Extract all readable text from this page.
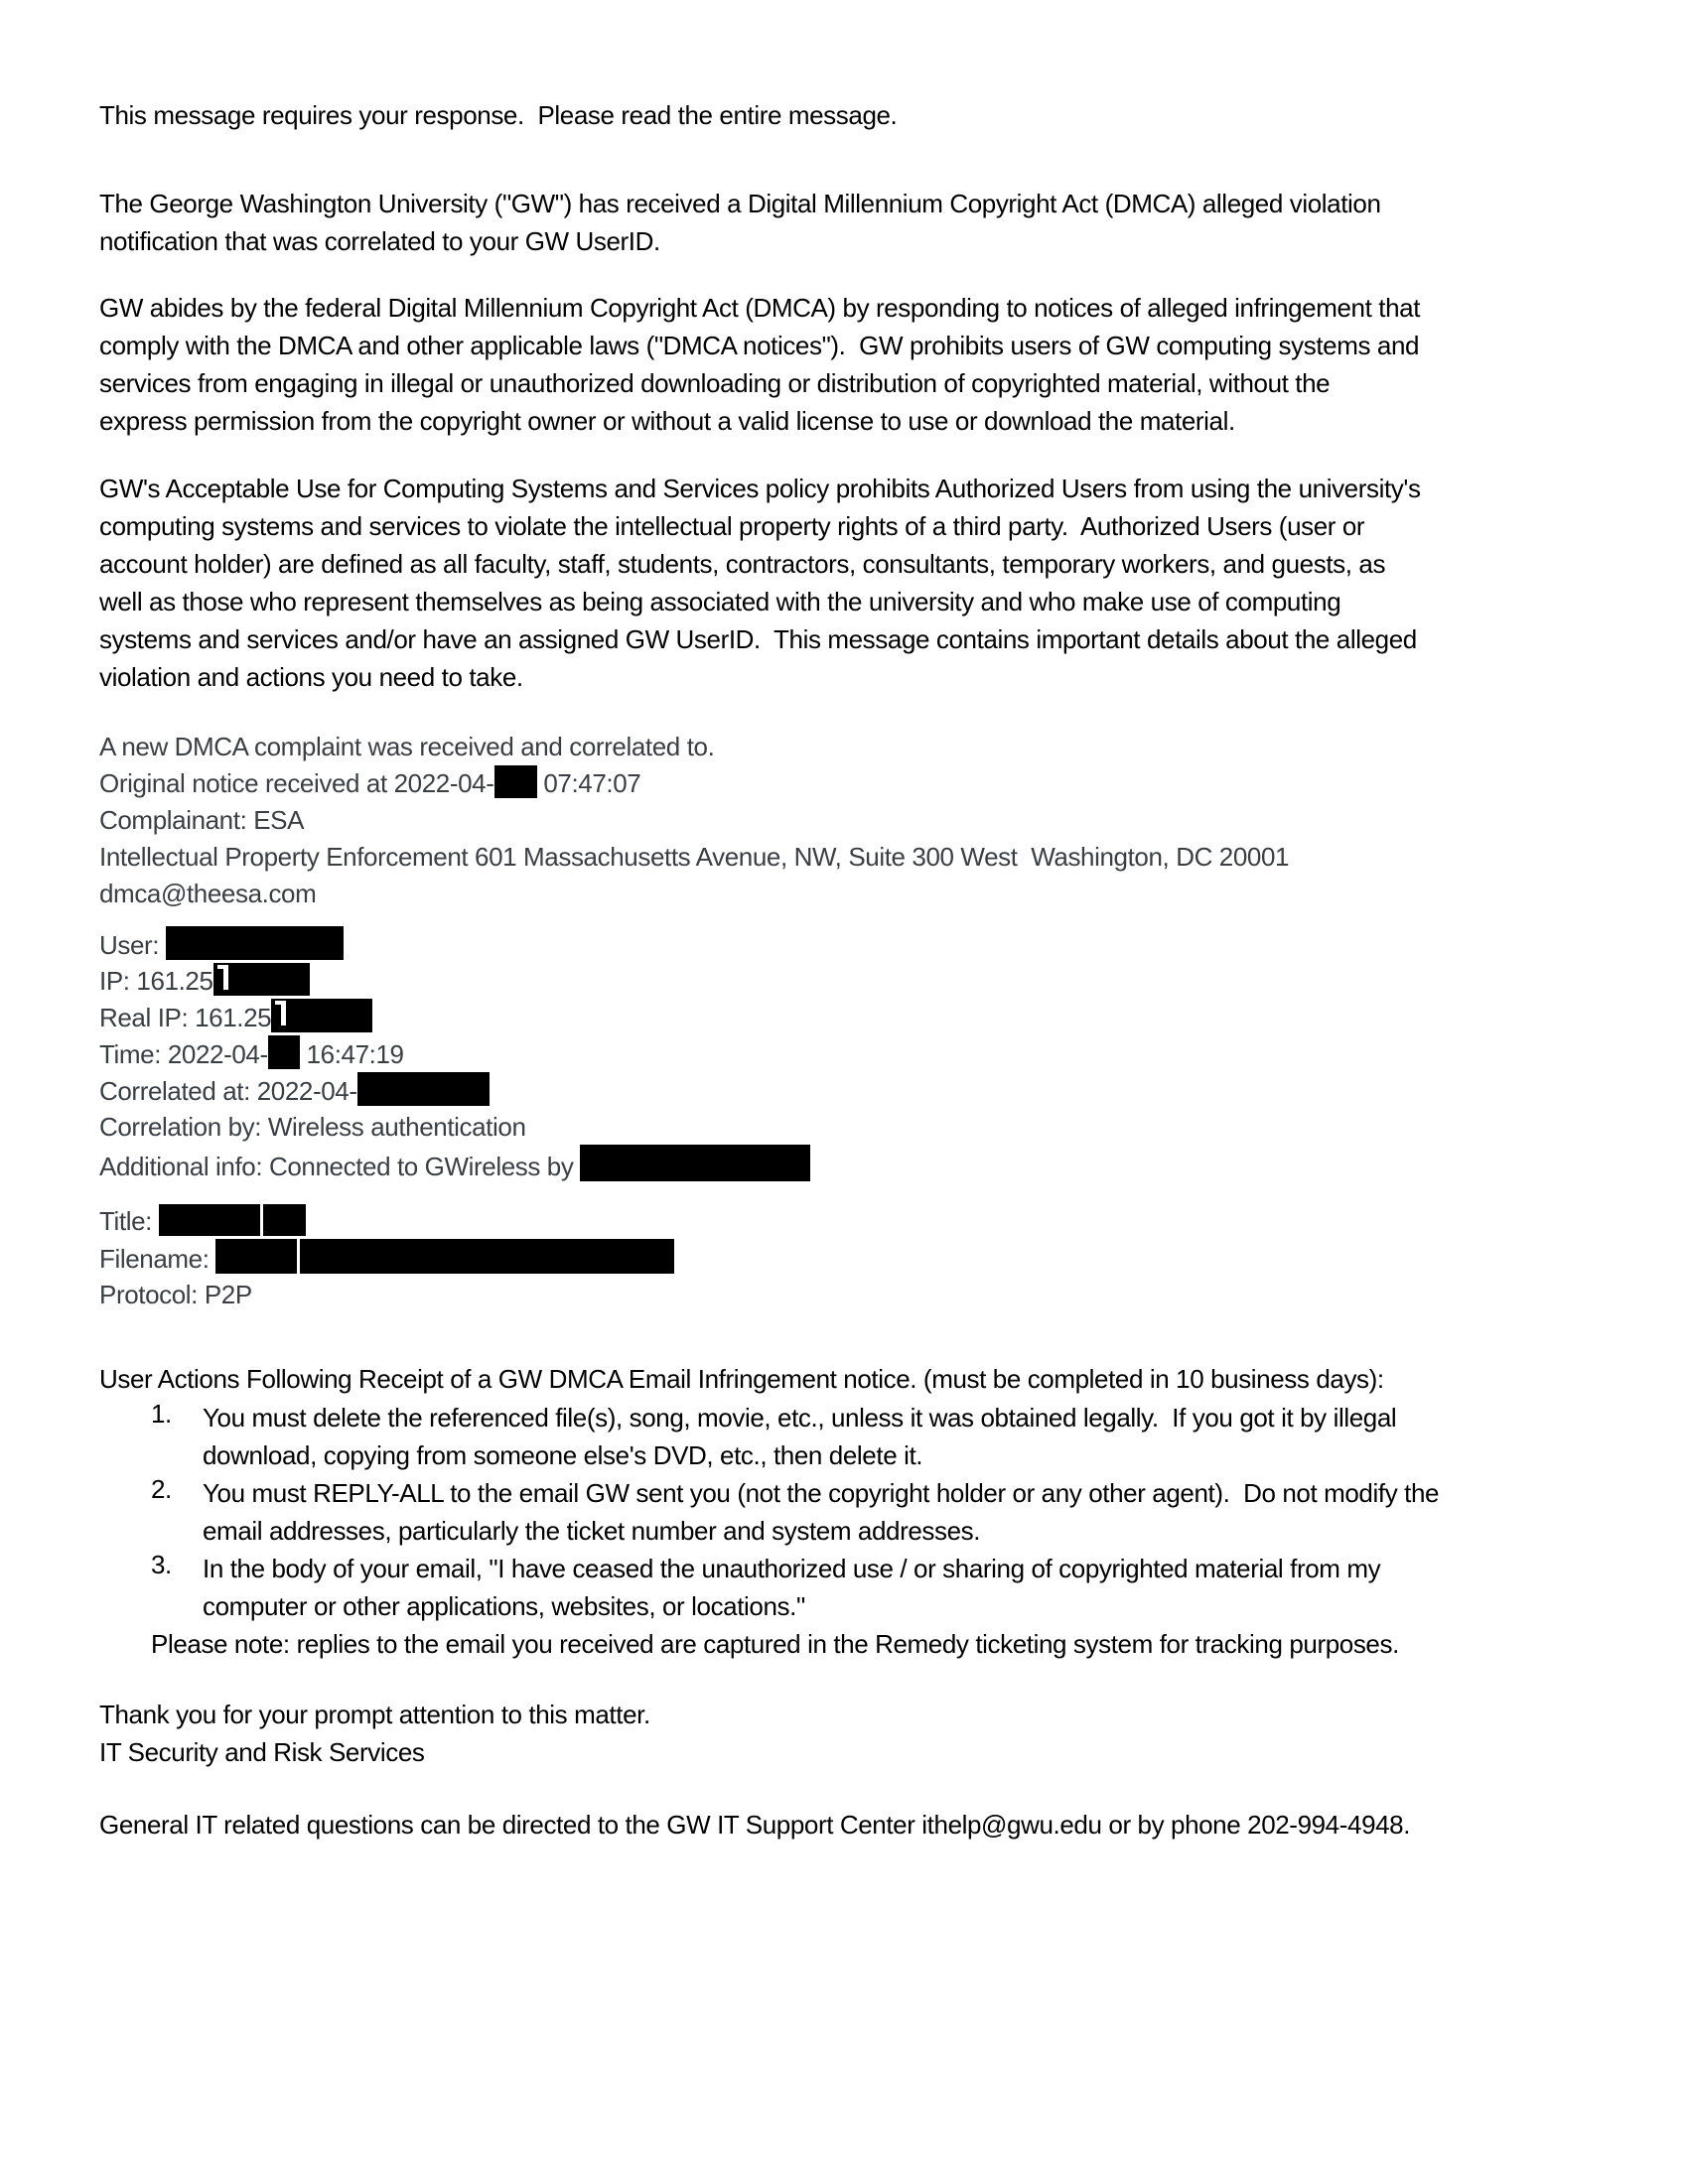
This message requires your response.  Please read the entire message.
The George Washington University ("GW") has received a Digital Millennium Copyright Act (DMCA) alleged violation
notification that was correlated to your GW UserID.
GW abides by the federal Digital Millennium Copyright Act (DMCA) by responding to notices of alleged infringement that
comply with the DMCA and other applicable laws ("DMCA notices").  GW prohibits users of GW computing systems and
services from engaging in illegal or unauthorized downloading or distribution of copyrighted material, without the
express permission from the copyright owner or without a valid license to use or download the material.
GW's Acceptable Use for Computing Systems and Services policy prohibits Authorized Users from using the university's
computing systems and services to violate the intellectual property rights of a third party.  Authorized Users (user or
account holder) are defined as all faculty, staff, students, contractors, consultants, temporary workers, and guests, as
well as those who represent themselves as being associated with the university and who make use of computing
systems and services and/or have an assigned GW UserID.  This message contains important details about the alleged
violation and actions you need to take.
A new DMCA complaint was received and correlated to.
Original notice received at 2022-04- 07:47:07
Complainant: ESA
Intellectual Property Enforcement 601 Massachusetts Avenue, NW, Suite 300 West  Washington, DC 20001
dmca@theesa.com
User:
IP: 161.25
Real IP: 161.25
Time: 2022-04- 16:47:19
Correlated at: 2022-04-
Correlation by: Wireless authentication
Additional info: Connected to GWireless by
Title:
Filename:
Protocol: P2P
User Actions Following Receipt of a GW DMCA Email Infringement notice. (must be completed in 10 business days):
1. You must delete the referenced file(s), song, movie, etc., unless it was obtained legally.  If you got it by illegal
download, copying from someone else's DVD, etc., then delete it.
2. You must REPLY-ALL to the email GW sent you (not the copyright holder or any other agent).  Do not modify the
email addresses, particularly the ticket number and system addresses.
3. In the body of your email, "I have ceased the unauthorized use / or sharing of copyrighted material from my
computer or other applications, websites, or locations."
Please note: replies to the email you received are captured in the Remedy ticketing system for tracking purposes.
Thank you for your prompt attention to this matter.
IT Security and Risk Services
General IT related questions can be directed to the GW IT Support Center ithelp@gwu.edu or by phone 202-994-4948.
